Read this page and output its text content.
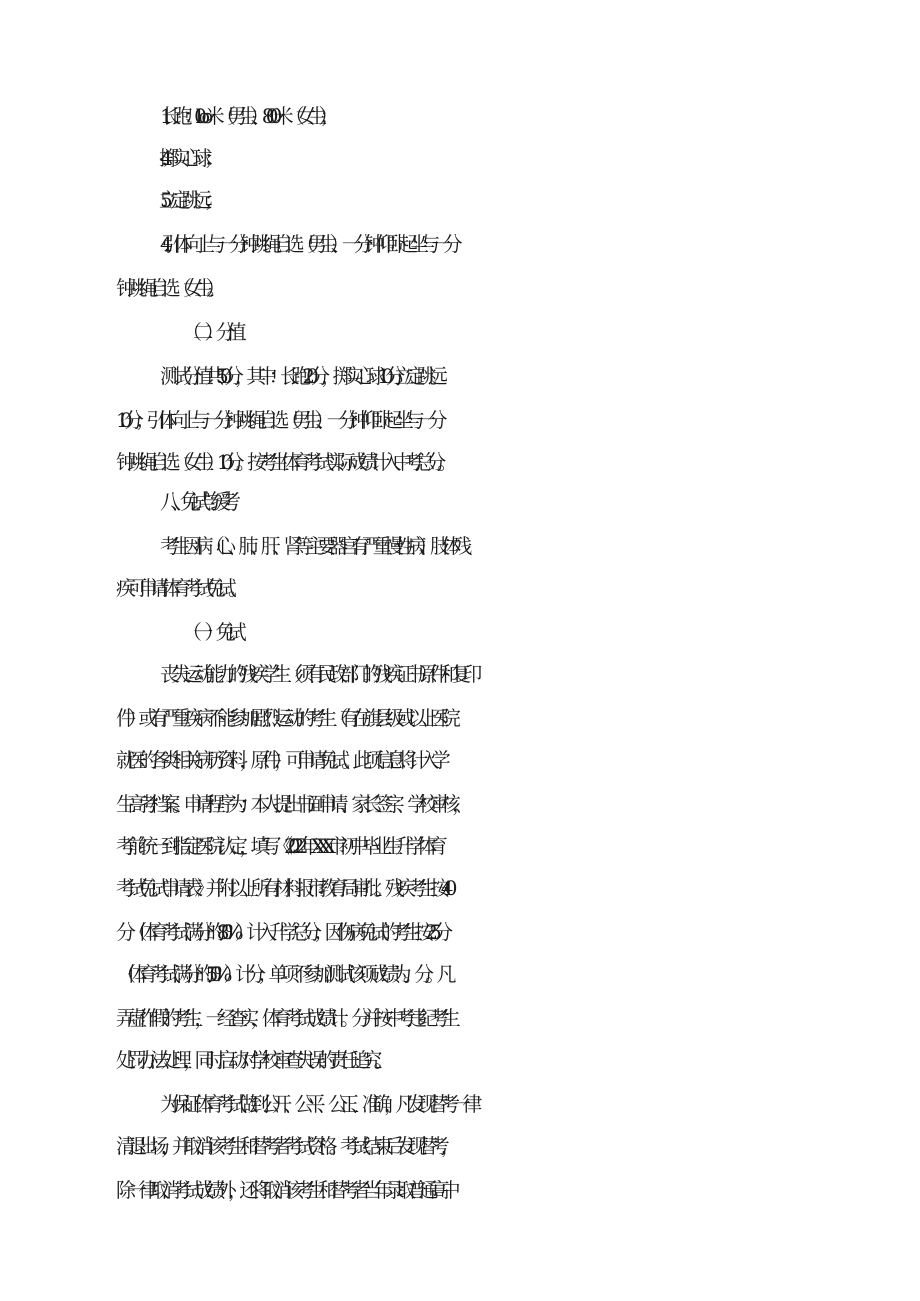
1.长跑：I0oo米（男生）、800米（女生）；
4 .掷实心球；
5 .立定跳远；
4.引体向上与一分钟跳绳自选（男生）、一分钟仰卧起坐与一分
钟跳绳自选（女生）。
（二）分值
测试分值共50分，其中：长跑20分，掷实心球10分;立定跳远
10分；引体向上与一分钟跳绳自选（男生）、一分钟仰卧起坐与一分
钟跳绳自选（女生）10分。按考生体育考试实际成绩计入中考总分。
八、免试与缓考
考生因病（心、肺、肝、肾等主要器官有严重慢性病）、肢体残
疾可申请体育考试免试。
（一）免试
丧失运动能力的残疾学生（须有民政部门的残疾证书原件和复印
件）或有严重疾病不能参加剧烈运动的考生（有在旗县级或以上医院
就医的各类相关病历资料，原件），可申请免试。此项信息将计入学
生高考档案。申请程序为：本人提出书面申请、家长签字、学校审核，
考前统一到指定医院认定，填写《2022年XXX市初中毕业生升学体育
考试免试申请表》并附以上所有材料报市教育局审批。残疾考生按40
分（体育考试满分的80%）计入升学总分；因伤病免试的考生按25分
（体育考试满分的50%）计分；单项不参加测试该项成绩为。分。凡
弄虚作假的考生，一经查实，体育考试成绩计。分并按中考违纪考生
处罚办法处理，同时启动对学校审查失误的责任追究。
为保证体育考试做到公开、公平、公正、准确，凡发现替考一律
清退出场，并取消该考生和替考者考试资格。考试结束后发现替考，
除一律取消考试成绩外，还将取消该考生和替考者当年录取普通高中
